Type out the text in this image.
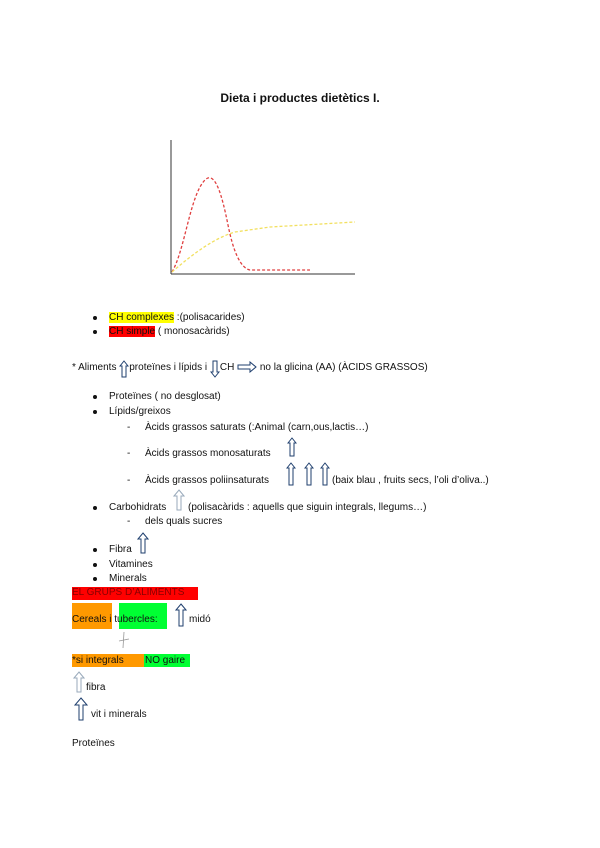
Dieta i productes dietètics I.
CH complexes :(polisacarides)
CH simple ( monosacàrids)
* Aliments proteïnes i lípids i CH  no la glicina (AA) (ÀCIDS GRASSOS)
Proteïnes ( no desglosat)
Lípids/greixos
- Àcids grassos saturats (:Animal (carn,ous,lactis…)
- Àcids grassos monosaturats
- Àcids grassos poliinsaturats	(baix blau , fruits secs, l’oli d’oliva..)
Carbohidrats (polisacàrids : aquells que siguin integrals, llegums…)
- dels quals sucres
Fibra
Vitamines
Minerals
EL GRUPS D’ALIMENTS
Cereals i tubercles:	midó
*si integrals NO gaire
fibra
vit i minerals
Proteïnes
